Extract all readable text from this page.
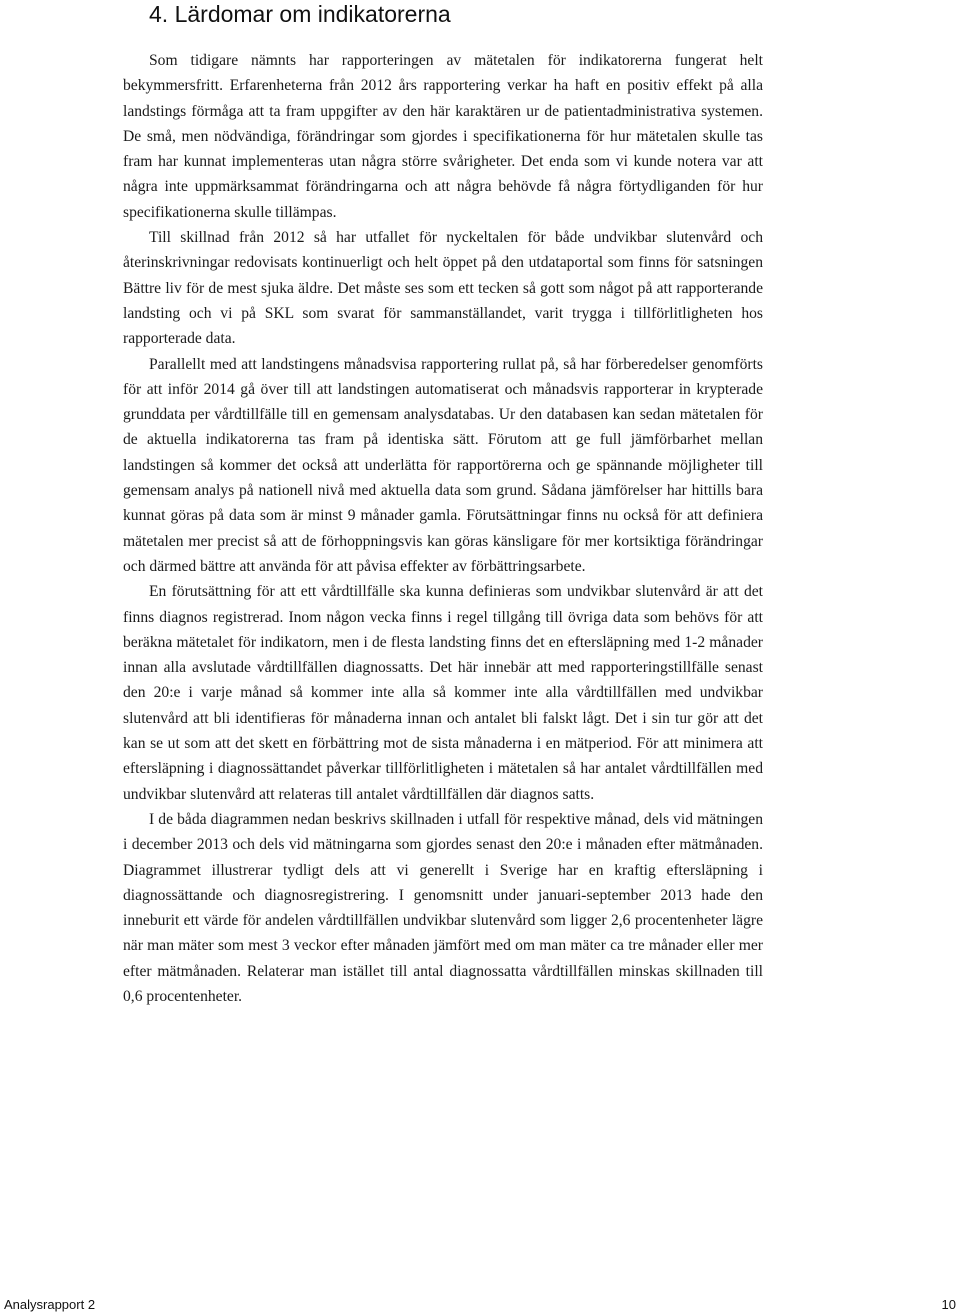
4. Lärdomar om indikatorerna

Som tidigare nämnts har rapporteringen av mätetalen för indikatorerna fungerat helt bekymmersfritt. Erfarenheterna från 2012 års rapportering verkar ha haft en positiv effekt på alla landstings förmåga att ta fram uppgifter av den här karaktären ur de patientadministrativa systemen. De små, men nödvändiga, förändringar som gjordes i specifikationerna för hur mätetalen skulle tas fram har kunnat implementeras utan några större svårigheter. Det enda som vi kunde notera var att några inte uppmärksammat förändringarna och att några behövde få några förtydliganden för hur specifikationerna skulle tillämpas.

Till skillnad från 2012 så har utfallet för nyckeltalen för både undvikbar slutenvård och återinskrivningar redovisats kontinuerligt och helt öppet på den utdataportal som finns för satsningen Bättre liv för de mest sjuka äldre. Det måste ses som ett tecken så gott som något på att rapporterande landsting och vi på SKL som svarat för sammanställandet, varit trygga i tillförlitligheten hos rapporterade data.

Parallellt med att landstingens månadsvisa rapportering rullat på, så har förberedelser genomförts för att inför 2014 gå över till att landstingen automatiserat och månadsvis rapporterar in krypterade grunddata per vårdtillfälle till en gemensam analysdatabas. Ur den databasen kan sedan mätetalen för de aktuella indikatorerna tas fram på identiska sätt. Förutom att ge full jämförbarhet mellan landstingen så kommer det också att underlätta för rapportörerna och ge spännande möjligheter till gemensam analys på nationell nivå med aktuella data som grund. Sådana jämförelser har hittills bara kunnat göras på data som är minst 9 månader gamla. Förutsättningar finns nu också för att definiera mätetalen mer precist så att de förhoppningsvis kan göras känsligare för mer kortsiktiga förändringar och därmed bättre att använda för att påvisa effekter av förbättringsarbete.

En förutsättning för att ett vårdtillfälle ska kunna definieras som undvikbar slutenvård är att det finns diagnos registrerad. Inom någon vecka finns i regel tillgång till övriga data som behövs för att beräkna mätetalet för indikatorn, men i de flesta landsting finns det en eftersläpning med 1-2 månader innan alla avslutade vårdtillfällen diagnossatts. Det här innebär att med rapporteringstillfälle senast den 20:e i varje månad så kommer inte alla så kommer inte alla vårdtillfällen med undvikbar slutenvård att bli identifieras för månaderna innan och antalet bli falskt lågt. Det i sin tur gör att det kan se ut som att det skett en förbättring mot de sista månaderna i en mätperiod. För att minimera att eftersläpning i diagnossättandet påverkar tillförlitligheten i mätetalen så har antalet vårdtillfällen med undvikbar slutenvård att relateras till antalet vårdtillfällen där diagnos satts.

I de båda diagrammen nedan beskrivs skillnaden i utfall för respektive månad, dels vid mätningen i december 2013 och dels vid mätningarna som gjordes senast den 20:e i månaden efter mätmånaden. Diagrammet illustrerar tydligt dels att vi generellt i Sverige har en kraftig eftersläpning i diagnossättande och diagnosregistrering. I genomsnitt under januari-september 2013 hade den inneburit ett värde för andelen vårdtillfällen undvikbar slutenvård som ligger 2,6 procentenheter lägre när man mäter som mest 3 veckor efter månaden jämfört med om man mäter ca tre månader eller mer efter mätmånaden. Relaterar man istället till antal diagnossatta vårdtillfällen minskas skillnaden till 0,6 procentenheter.

Analysrapport 2	10
